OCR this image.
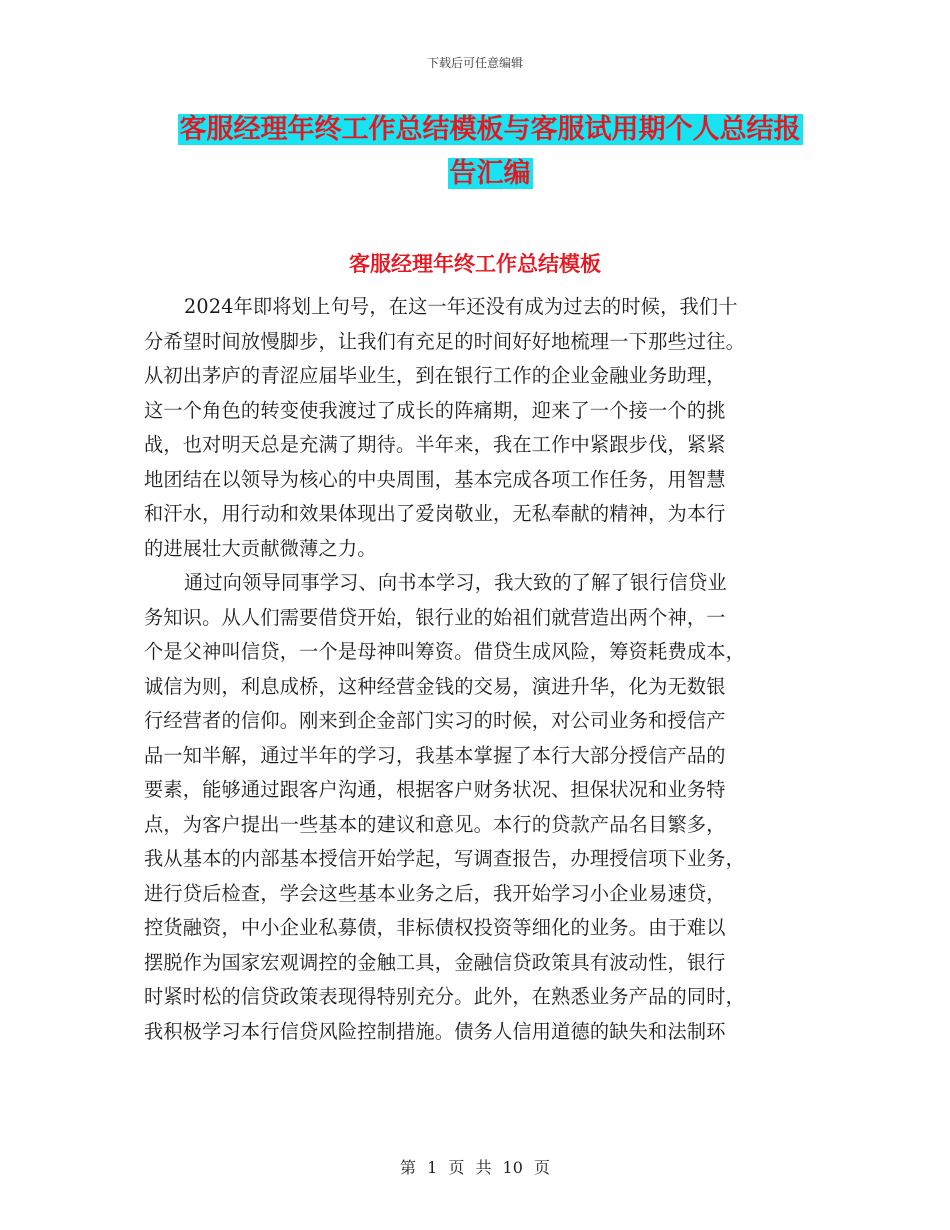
下载后可任意编辑
客服经理年终工作总结模板与客服试用期个人总结报
告汇编
客服经理年终工作总结模板
2024年即将划上句号，在这一年还没有成为过去的时候，我们十
分希望时间放慢脚步，让我们有充足的时间好好地梳理一下那些过往。
从初出茅庐的青涩应届毕业生，到在银行工作的企业金融业务助理，
这一个角色的转变使我渡过了成长的阵痛期，迎来了一个接一个的挑
战，也对明天总是充满了期待。半年来，我在工作中紧跟步伐，紧紧
地团结在以领导为核心的中央周围，基本完成各项工作任务，用智慧
和汗水，用行动和效果体现出了爱岗敬业，无私奉献的精神，为本行
的进展壮大贡献微薄之力。
通过向领导同事学习、向书本学习，我大致的了解了银行信贷业
务知识。从人们需要借贷开始，银行业的始祖们就营造出两个神，一
个是父神叫信贷，一个是母神叫筹资。借贷生成风险，筹资耗费成本，
诚信为则，利息成桥，这种经营金钱的交易，演进升华，化为无数银
行经营者的信仰。刚来到企金部门实习的时候，对公司业务和授信产
品一知半解，通过半年的学习，我基本掌握了本行大部分授信产品的
要素，能够通过跟客户沟通，根据客户财务状况、担保状况和业务特
点，为客户提出一些基本的建议和意见。本行的贷款产品名目繁多，
我从基本的内部基本授信开始学起，写调查报告，办理授信项下业务，
进行贷后检查，学会这些基本业务之后，我开始学习小企业易速贷，
控货融资，中小企业私募债，非标债权投资等细化的业务。由于难以
摆脱作为国家宏观调控的金触工具，金融信贷政策具有波动性，银行
时紧时松的信贷政策表现得特别充分。此外，在熟悉业务产品的同时，
我积极学习本行信贷风险控制措施。债务人信用道德的缺失和法制环
第 1 页 共 10 页
